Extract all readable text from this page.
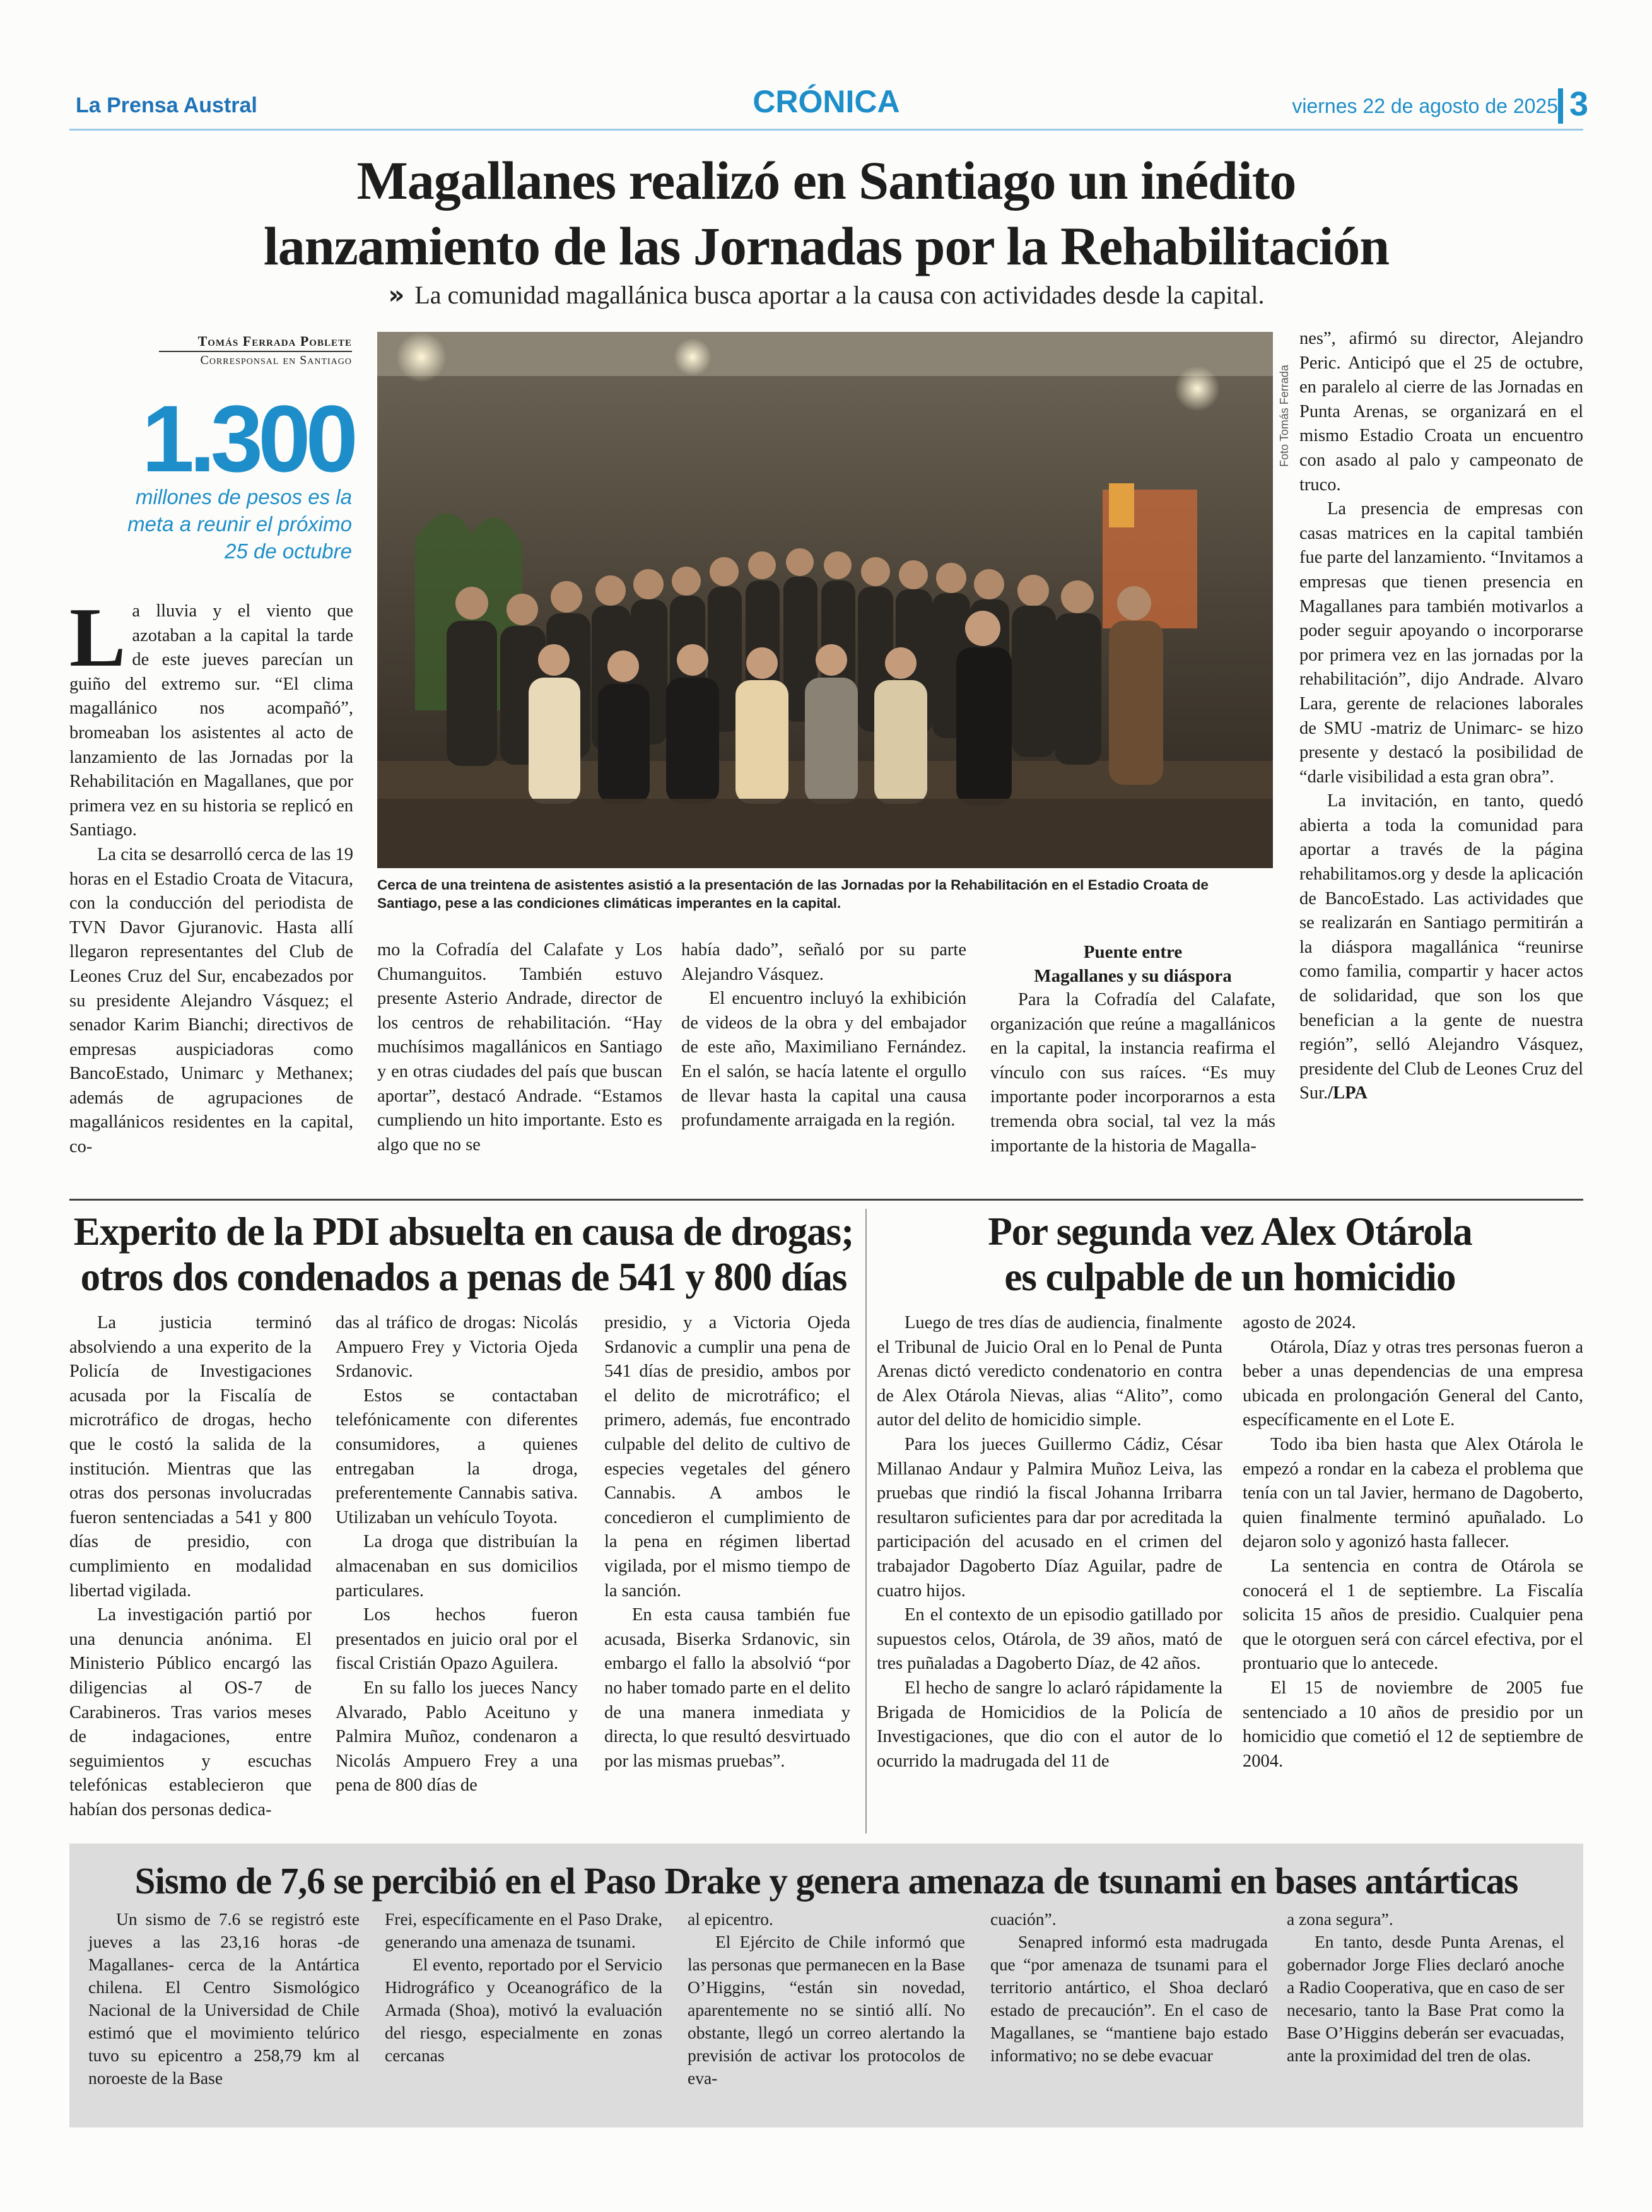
La Prensa Austral	CRÓNICA	viernes 22 de agosto de 2025 3
Magallanes realizó en Santiago un inédito
lanzamiento de las Jornadas por la Rehabilitación
» La comunidad magallánica busca aportar a la causa con actividades desde la capital.
Tomás Ferrada Poblete
Corresponsal en Santiago
1.300
millones de pesos es la meta a reunir el próximo 25 de octubre

La lluvia y el viento que azotaban a la capital la tarde de este jueves parecían un guiño del extremo sur. “El clima magallánico nos acompañó”, bromeaban los asistentes al acto de lanzamiento de las Jornadas por la Rehabilitación en Magallanes, que por primera vez en su historia se replicó en Santiago.

La cita se desarrolló cerca de las 19 horas en el Estadio Croata de Vitacura, con la conducción del periodista de TVN Davor Gjuranovic. Hasta allí llegaron representantes del Club de Leones Cruz del Sur, encabezados por su presidente Alejandro Vásquez; el senador Karim Bianchi; directivos de empresas auspiciadoras como BancoEstado, Unimarc y Methanex; además de agrupaciones de magallánicos residentes en la capital, co-

Foto Tomás Ferrada
Cerca de una treintena de asistentes asistió a la presentación de las Jornadas por la Rehabilitación en el Estadio Croata de Santiago, pese a las condiciones climáticas imperantes en la capital.

mo la Cofradía del Calafate y Los Chumanguitos. También estuvo presente Asterio Andrade, director de los centros de rehabilitación. “Hay muchísimos magallánicos en Santiago y en otras ciudades del país que buscan aportar”, destacó Andrade. “Estamos cumpliendo un hito importante. Esto es algo que no se

había dado”, señaló por su parte Alejandro Vásquez.

El encuentro incluyó la exhibición de videos de la obra y del embajador de este año, Maximiliano Fernández. En el salón, se hacía latente el orgullo de llevar hasta la capital una causa profundamente arraigada en la región.

Puente entre
Magallanes y su diáspora

Para la Cofradía del Calafate, organización que reúne a magallánicos en la capital, la instancia reafirma el vínculo con sus raíces. “Es muy importante poder incorporarnos a esta tremenda obra social, tal vez la más importante de la historia de Magalla-

nes”, afirmó su director, Alejandro Peric. Anticipó que el 25 de octubre, en paralelo al cierre de las Jornadas en Punta Arenas, se organizará en el mismo Estadio Croata un encuentro con asado al palo y campeonato de truco.

La presencia de empresas con casas matrices en la capital también fue parte del lanzamiento. “Invitamos a empresas que tienen presencia en Magallanes para también motivarlos a poder seguir apoyando o incorporarse por primera vez en las jornadas por la rehabilitación”, dijo Andrade. Alvaro Lara, gerente de relaciones laborales de SMU -matriz de Unimarc- se hizo presente y destacó la posibilidad de “darle visibilidad a esta gran obra”.

La invitación, en tanto, quedó abierta a toda la comunidad para aportar a través de la página rehabilitamos.org y desde la aplicación de BancoEstado. Las actividades que se realizarán en Santiago permitirán a la diáspora magallánica “reunirse como familia, compartir y hacer actos de solidaridad, que son los que benefician a la gente de nuestra región”, selló Alejandro Vásquez, presidente del Club de Leones Cruz del Sur./LPA

Experito de la PDI absuelta en causa de drogas;
otros dos condenados a penas de 541 y 800 días

La justicia terminó absolviendo a una experito de la Policía de Investigaciones acusada por la Fiscalía de microtráfico de drogas, hecho que le costó la salida de la institución. Mientras que las otras dos personas involucradas fueron sentenciadas a 541 y 800 días de presidio, con cumplimiento en modalidad libertad vigilada.

La investigación partió por una denuncia anónima. El Ministerio Público encargó las diligencias al OS-7 de Carabineros. Tras varios meses de indagaciones, entre seguimientos y escuchas telefónicas establecieron que habían dos personas dedica-

das al tráfico de drogas: Nicolás Ampuero Frey y Victoria Ojeda Srdanovic.

Estos se contactaban telefónicamente con diferentes consumidores, a quienes entregaban la droga, preferentemente Cannabis sativa. Utilizaban un vehículo Toyota.

La droga que distribuían la almacenaban en sus domicilios particulares.

Los hechos fueron presentados en juicio oral por el fiscal Cristián Opazo Aguilera.

En su fallo los jueces Nancy Alvarado, Pablo Aceituno y Palmira Muñoz, condenaron a Nicolás Ampuero Frey a una pena de 800 días de

presidio, y a Victoria Ojeda Srdanovic a cumplir una pena de 541 días de presidio, ambos por el delito de microtráfico; el primero, además, fue encontrado culpable del delito de cultivo de especies vegetales del género Cannabis. A ambos le concedieron el cumplimiento de la pena en régimen libertad vigilada, por el mismo tiempo de la sanción.

En esta causa también fue acusada, Biserka Srdanovic, sin embargo el fallo la absolvió “por no haber tomado parte en el delito de una manera inmediata y directa, lo que resultó desvirtuado por las mismas pruebas”.

Por segunda vez Alex Otárola
es culpable de un homicidio

Luego de tres días de audiencia, finalmente el Tribunal de Juicio Oral en lo Penal de Punta Arenas dictó veredicto condenatorio en contra de Alex Otárola Nievas, alias “Alito”, como autor del delito de homicidio simple.

Para los jueces Guillermo Cádiz, César Millanao Andaur y Palmira Muñoz Leiva, las pruebas que rindió la fiscal Johanna Irribarra resultaron suficientes para dar por acreditada la participación del acusado en el crimen del trabajador Dagoberto Díaz Aguilar, padre de cuatro hijos.

En el contexto de un episodio gatillado por supuestos celos, Otárola, de 39 años, mató de tres puñaladas a Dagoberto Díaz, de 42 años.

El hecho de sangre lo aclaró rápidamente la Brigada de Homicidios de la Policía de Investigaciones, que dio con el autor de lo ocurrido la madrugada del 11 de

agosto de 2024.

Otárola, Díaz y otras tres personas fueron a beber a unas dependencias de una empresa ubicada en prolongación General del Canto, específicamente en el Lote E.

Todo iba bien hasta que Alex Otárola le empezó a rondar en la cabeza el problema que tenía con un tal Javier, hermano de Dagoberto, quien finalmente terminó apuñalado. Lo dejaron solo y agonizó hasta fallecer.

La sentencia en contra de Otárola se conocerá el 1 de septiembre. La Fiscalía solicita 15 años de presidio. Cualquier pena que le otorguen será con cárcel efectiva, por el prontuario que lo antecede.

El 15 de noviembre de 2005 fue sentenciado a 10 años de presidio por un homicidio que cometió el 12 de septiembre de 2004.

Sismo de 7,6 se percibió en el Paso Drake y genera amenaza de tsunami en bases antárticas

Un sismo de 7.6 se registró este jueves a las 23,16 horas -de Magallanes- cerca de la Antártica chilena. El Centro Sismológico Nacional de la Universidad de Chile estimó que el movimiento telúrico tuvo su epicentro a 258,79 km al noroeste de la Base

Frei, específicamente en el Paso Drake, generando una amenaza de tsunami.

El evento, reportado por el Servicio Hidrográfico y Oceanográfico de la Armada (Shoa), motivó la evaluación del riesgo, especialmente en zonas cercanas

al epicentro.

El Ejército de Chile informó que las personas que permanecen en la Base O’Higgins, “están sin novedad, aparentemente no se sintió allí. No obstante, llegó un correo alertando la previsión de activar los protocolos de eva-

cuación”.

Senapred informó esta madrugada que “por amenaza de tsunami para el territorio antártico, el Shoa declaró estado de precaución”. En el caso de Magallanes, se “mantiene bajo estado informativo; no se debe evacuar

a zona segura”.

En tanto, desde Punta Arenas, el gobernador Jorge Flies declaró anoche a Radio Cooperativa, que en caso de ser necesario, tanto la Base Prat como la Base O’Higgins deberán ser evacuadas, ante la proximidad del tren de olas.
